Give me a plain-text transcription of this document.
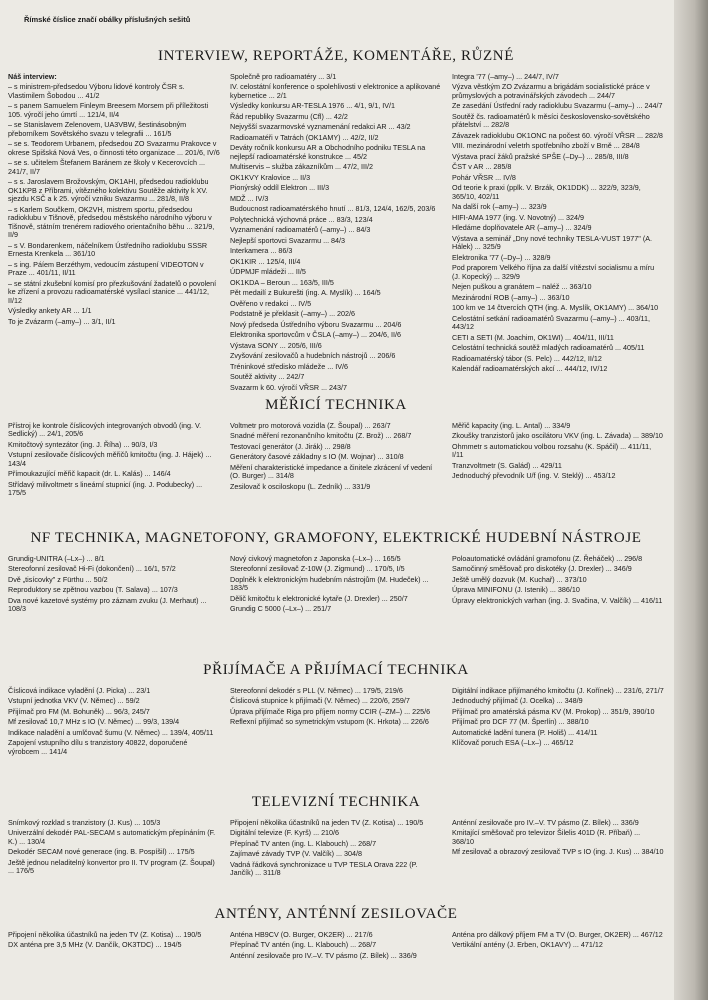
Římské číslice značí obálky příslušných sešitů
INTERVIEW, REPORTÁŽE, KOMENTÁŘE, RŮZNÉ

Náš interview:

– s ministrem-předsedou Výboru lidové kontroly ČSR s. Vlastimilem Šobodou ... 41/2

– s panem Samuelem Finleym Breesem Morsem při příležitosti 105. výročí jeho úmrtí ... 121/4, II/4

– se Stanislavem Zelenovem, UA3VBW, šestinásobným přeborníkem Sovětského svazu v telegrafii ... 161/5

– se s. Teodorem Urbanem, předsedou ZO Svazarmu Prakovce v okrese Spišská Nová Ves, o činnosti této organizace ... 201/6, IV/6

– se s. učitelem Štefanem Baránem ze školy v Kecerovcích ... 241/7, II/7

– s s. Jaroslavem Brožovským, OK1AHI, předsedou radioklubu OK1KPB z Příbrami, vítězného kolektivu Soutěže aktivity k XV. sjezdu KSČ a k 25. výročí vzniku Svazarmu ... 281/8, II/8

– s Karlem Součkem, OK2VH, mistrem sportu, předsedou radioklubu v Tišnově, předsedou městského národního výboru v Tišnově, státním trenérem radiového orientačního běhu ... 321/9, II/9

– s V. Bondarenkem, náčelníkem Ústředního radioklubu SSSR Ernesta Krenkela ... 361/10

– s ing. Páíem Berzéthym, vedoucím zástupení VIDEOTON v Praze ... 401/11, II/11

– se státní zkušební komisí pro přezkušování žadatelů o povolení ke zřízení a provozu radioamatérské vysílací stanice ... 441/12, II/12

Výsledky ankety AR ... 1/1

To je Zvázarm (–amy–) ... 3/1, II/1

Společně pro radioamatéry ... 3/1

IV. celostátní konference o spolehlivosti v elektronice a aplikované kybernetice ... 2/1

Výsledky konkursu AR-TESLA 1976 ... 4/1, 9/1, IV/1

Řád republiky Svazarmu (Cfl) ... 42/2

Nejvyšší svazarmovské vyznamenání redakci AR ... 43/2

Radioamatéři v Tatrách (OK1AMY) ... 42/2, II/2

Deváty ročník konkursu AR a Obchodního podniku TESLA na nejlepší radioamatérské konstrukce ... 45/2

Multiservis – služba zákazníkům ... 47/2, III/2

OK1KVY Kralovice ... II/3

Pionýrský oddíl Elektron ... III/3

MDŽ ... IV/3

Budoucnost radioamatérského hnutí ... 81/3, 124/4, 162/5, 203/6

Polytechnická výchovná práce ... 83/3, 123/4

Vyznamenání radioamatérů (–amy–) ... 84/3

Nejlepší sportovci Svazarmu ... 84/3

Interkamera ... 86/3

OK1KIR ... 125/4, III/4

ÚDPMJF mládeži ... II/5

OK1KDA – Beroun ... 163/5, III/5

Pět medailí z Bukurešti (ing. A. Myslík) ... 164/5

Ověřeno v redakci ... IV/5

Podstatně je překlasit (–amy–) ... 202/6

Nový předseda Ústředního výboru Svazarmu ... 204/6

Elektronika sportovcům v ČSLA (–amy–) ... 204/6, II/6

Výstava SONY ... 205/6, III/6

Zvyšování zesilovačů a hudebních nástrojů ... 206/6

Tréninkové středisko mládeže ... IV/6

Soutěž aktivity ... 242/7

Svazarm k 60. výročí VŘSR ... 243/7

Integra '77 (–amy–) ... 244/7, IV/7

Výzva věstkým ZO Zvázarmu a brigádám socialistické práce v průmyslových a potravinářských závodech ... 244/7

Ze zasedání Ústřední rady radioklubu Svazarmu (–amy–) ... 244/7

Soutěž čs. radioamatérů k měsíci československo-sovětského přátelství ... 282/8

Závazek radioklubu OK1ONC na počest 60. výročí VŘSR ... 282/8

VIII. mezinárodní veletrh spotřebního zboží v Brně ... 284/8

Výstava prací žáků pražské SPŠE (–Dy–) ... 285/8, III/8

ČST v AR ... 285/8

Pohár VŘSR ... IV/8

Od teorie k praxi (pplk. V. Brzák, OK1DDK) ... 322/9, 323/9, 365/10, 402/11

Na další rok (–amy–) ... 323/9

HIFI-AMA 1977 (ing. V. Novotný) ... 324/9

Hledáme doplňovatele AR (–amy–) ... 324/9

Výstava a seminář „Dny nové techniky TESLA-VUST 1977" (A. Hálek) ... 325/9

Elektronika '77 (–Dy–) ... 328/9

Pod praporem Velkého října za další vítězství socialismu a míru (J. Kopecký) ... 329/9

Nejen puškou a granátem – naléž ... 363/10

Mezinárodní ROB (–amy–) ... 363/10

100 km ve 14 čtvercích QTH (ing. A. Myslík, OK1AMY) ... 364/10

Celostátní setkání radioamatérů Svazarmu (–amy–) ... 403/11, 443/12

CETI a SETI (M. Joachim, OK1WI) ... 404/11, III/11

Celostátní technická soutěž mladých radioamatérů ... 405/11

Radioamatérský tábor (S. Pelc) ... 442/12, II/12

Kalendář radioamatérských akcí ... 444/12, IV/12

MĚŘICÍ TECHNIKA

Přístroj ke kontrole číslicových integrovaných obvodů (ing. V. Sedlický) ... 24/1, 205/6

Kmitočtový syntezátor (ing. J. Říha) ... 90/3, I/3

Vstupní zesilovače číslicových měřičů kmitočtu (ing. J. Hájek) ... 143/4

Přímoukazující měřič kapacit (dr. L. Kalás) ... 146/4

Střídavý milivoltmetr s lineární stupnicí (ing. J. Podubecky) ... 175/5

Voltmetr pro motorová vozidla (Z. Šoupal) ... 263/7

Snadné měření rezonančního kmitočtu (Z. Brož) ... 268/7

Testovací generátor (J. Jirák) ... 298/8

Generátory časové základny s IO (M. Wojnar) ... 310/8

Měření charakteristické impedance a činitele zkrácení vf vedení (O. Burger) ... 314/8

Zesilovač k osciloskopu (L. Zedník) ... 331/9

Měřič kapacity (ing. L. Antal) ... 334/9

Zkoušky tranzistorů jako oscilátoru VKV (ing. L. Závada) ... 389/10

Ohmmetr s automatickou volbou rozsahu (K. Spáčil) ... 411/11, I/11

Tranzvoltmetr (S. Galád) ... 429/11

Jednoduchý převodník U/f (ing. V. Steklý) ... 453/12

NF TECHNIKA, MAGNETOFONY, GRAMOFONY, ELEKTRICKÉ HUDEBNÍ NÁSTROJE

Grundig-UNITRA (–Lx–) ... 8/1

Stereofonní zesilovač Hi-Fi (dokončení) ... 16/1, 57/2

Dvě „tisícovky" z Fürthu ... 50/2

Reproduktory se zpětnou vazbou (T. Salava) ... 107/3

Dva nové kazetové systémy pro záznam zvuku (J. Merhaut) ... 108/3

Nový civkový magnetofon z Japonska (–Lx–) ... 165/5

Stereofonní zesilovač Z-10W (J. Zigmund) ... 170/5, I/5

Doplněk k elektronickým hudebním nástrojům (M. Hudeček) ... 183/5

Dělič kmitočtu k elektronické kytaře (J. Drexler) ... 250/7

Grundig C 5000 (–Lx–) ... 251/7

Poloautomatické ovládání gramofonu (Z. Řeháček) ... 296/8

Samočinný směšovač pro diskotéky (J. Drexler) ... 346/9

Ještě umělý dozvuk (M. Kuchař) ... 373/10

Úprava MINIFONU (J. Istenik) ... 386/10

Úpravy elektronických varhan (ing. J. Svačina, V. Valčík) ... 416/11

PŘIJÍMAČE A PŘIJÍMACÍ TECHNIKA

Číslicová indikace vyladění (J. Picka) ... 23/1

Vstupní jednotka VKV (V. Němec) ... 59/2

Přijímač pro FM (M. Bohuněk) ... 96/3, 245/7

Mf zesilovač 10,7 MHz s IO (V. Němec) ... 99/3, 139/4

Indikace naladění a umlčovač šumu (V. Němec) ... 139/4, 405/11

Zapojení vstupního dílu s tranzistory 40822, doporučené výrobcem ... 141/4

Stereofonní dekodér s PLL (V. Němec) ... 179/5, 219/6

Číslicová stupnice k přijímači (V. Němec) ... 220/6, 259/7

Úprava přijímače Riga pro příjem normy CCIR (–ZM–) ... 225/6

Reflexní přijímač so symetrickým vstupom (K. Hrkota) ... 226/6

Digitální indikace přijímaného kmitočtu (J. Kořínek) ... 231/6, 271/7

Jednoduchý přijímač (J. Ocelka) ... 348/9

Přijímač pro amatérská pásma KV (M. Prokop) ... 351/9, 390/10

Přijímač pro DCF 77 (M. Šperlín) ... 388/10

Automatické ladění tunera (P. Holiš) ... 414/11

Klíčovač poruch ESA (–Lx–) ... 465/12

TELEVIZNÍ TECHNIKA

Snímkový rozklad s tranzistory (J. Kus) ... 105/3

Univerzální dekodér PAL-SECAM s automatickým přepínáním (F. K.) ... 130/4

Dekodér SECAM nové generace (ing. B. Pospíšil) ... 175/5

Ještě jednou neladitelný konvertor pro II. TV program (Z. Šoupal) ... 176/5

Připojení několika účastníků na jeden TV (Z. Kotisa) ... 190/5

Digitální televize (F. Kyrš) ... 210/6

Přepínač TV anten (ing. L. Klabouch) ... 268/7

Zajímavé závady TVP (V. Valčík) ... 304/8

Vadná řádková synchronizace u TVP TESLA Orava 222 (P. Jančík) ... 311/8

Anténní zesilovače pro IV.–V. TV pásmo (Z. Bílek) ... 336/9

Kmitající směšovač pro televizor Šilelis 401D (R. Příbaň) ... 368/10

Mf zesilovač a obrazový zesilovač TVP s IO (ing. J. Kus) ... 384/10

ANTÉNY, ANTÉNNÍ ZESILOVAČE

Připojení několika účastníků na jeden TV (Z. Kotisa) ... 190/5

DX anténa pre 3,5 MHz (V. Dančík, OK3TDC) ... 194/5

Anténa HB9CV (O. Burger, OK2ER) ... 217/6

Přepínač TV antén (ing. L. Klabouch) ... 268/7

Anténní zesilovače pro IV.–V. TV pásmo (Z. Bílek) ... 336/9

Anténa pro dálkový příjem FM a TV (O. Burger, OK2ER) ... 467/12

Vertikální antény (J. Erben, OK1AVY) ... 471/12
